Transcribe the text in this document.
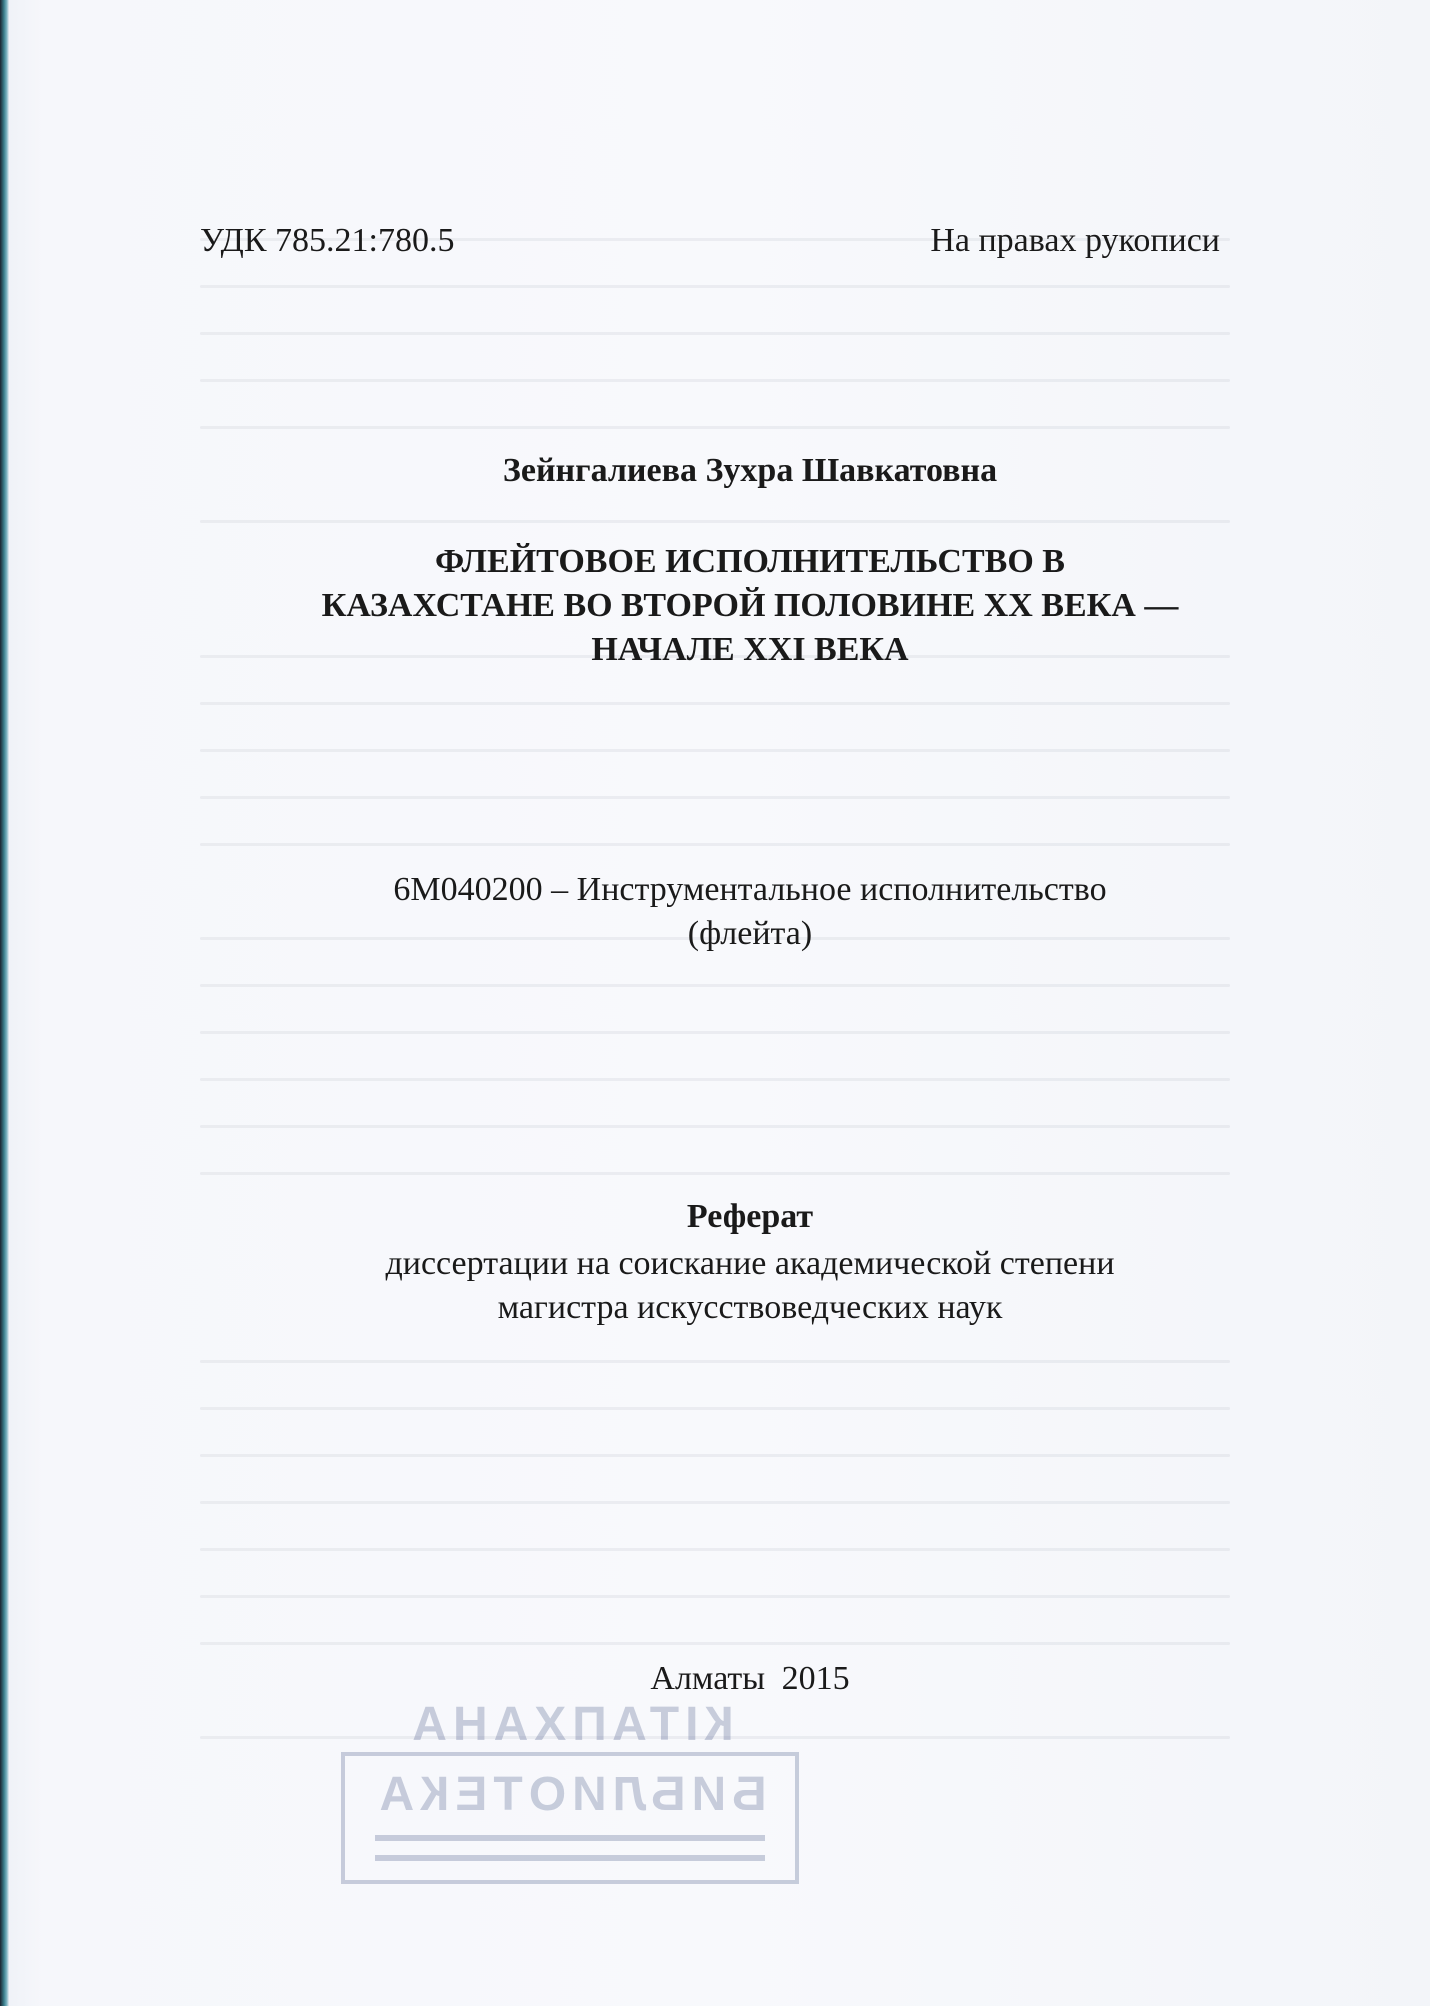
УДК 785.21:780.5	На правах рукописи
Зейнгалиева Зухра Шавкатовна
ФЛЕЙТОВОЕ ИСПОЛНИТЕЛЬСТВО В
КАЗАХСТАНЕ ВО ВТОРОЙ ПОЛОВИНЕ XX ВЕКА —
НАЧАЛЕ XXI ВЕКА
6М040200 – Инструментальное исполнительство
(флейта)
Реферат
диссертации на соискание академической степени
магистра искусствоведческих наук
Алматы 2015
КІТАПХАНА
БИБЛИОТЕКА
